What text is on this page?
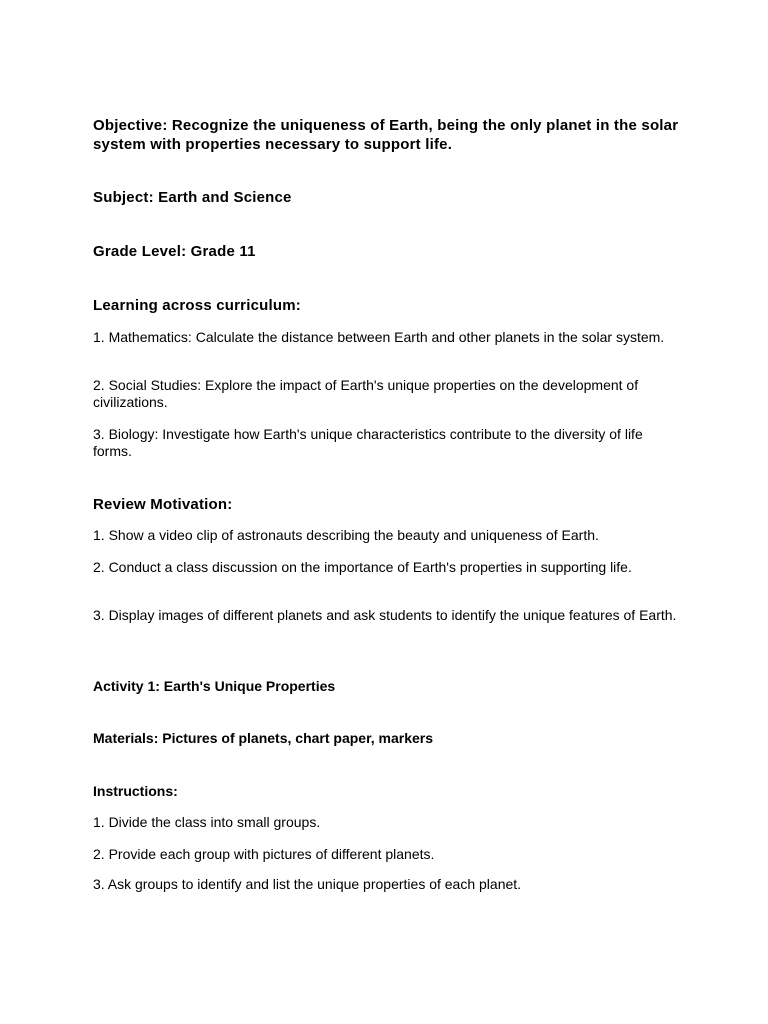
Objective: Recognize the uniqueness of Earth, being the only planet in the solar system with properties necessary to support life.

Subject: Earth and Science

Grade Level: Grade 11

Learning across curriculum:

1. Mathematics: Calculate the distance between Earth and other planets in the solar system.

2. Social Studies: Explore the impact of Earth's unique properties on the development of civilizations.

3. Biology: Investigate how Earth's unique characteristics contribute to the diversity of life forms.

Review Motivation:

1. Show a video clip of astronauts describing the beauty and uniqueness of Earth.

2. Conduct a class discussion on the importance of Earth's properties in supporting life.

3. Display images of different planets and ask students to identify the unique features of Earth.

Activity 1: Earth's Unique Properties

Materials: Pictures of planets, chart paper, markers

Instructions:

1. Divide the class into small groups.

2. Provide each group with pictures of different planets.

3. Ask groups to identify and list the unique properties of each planet.
